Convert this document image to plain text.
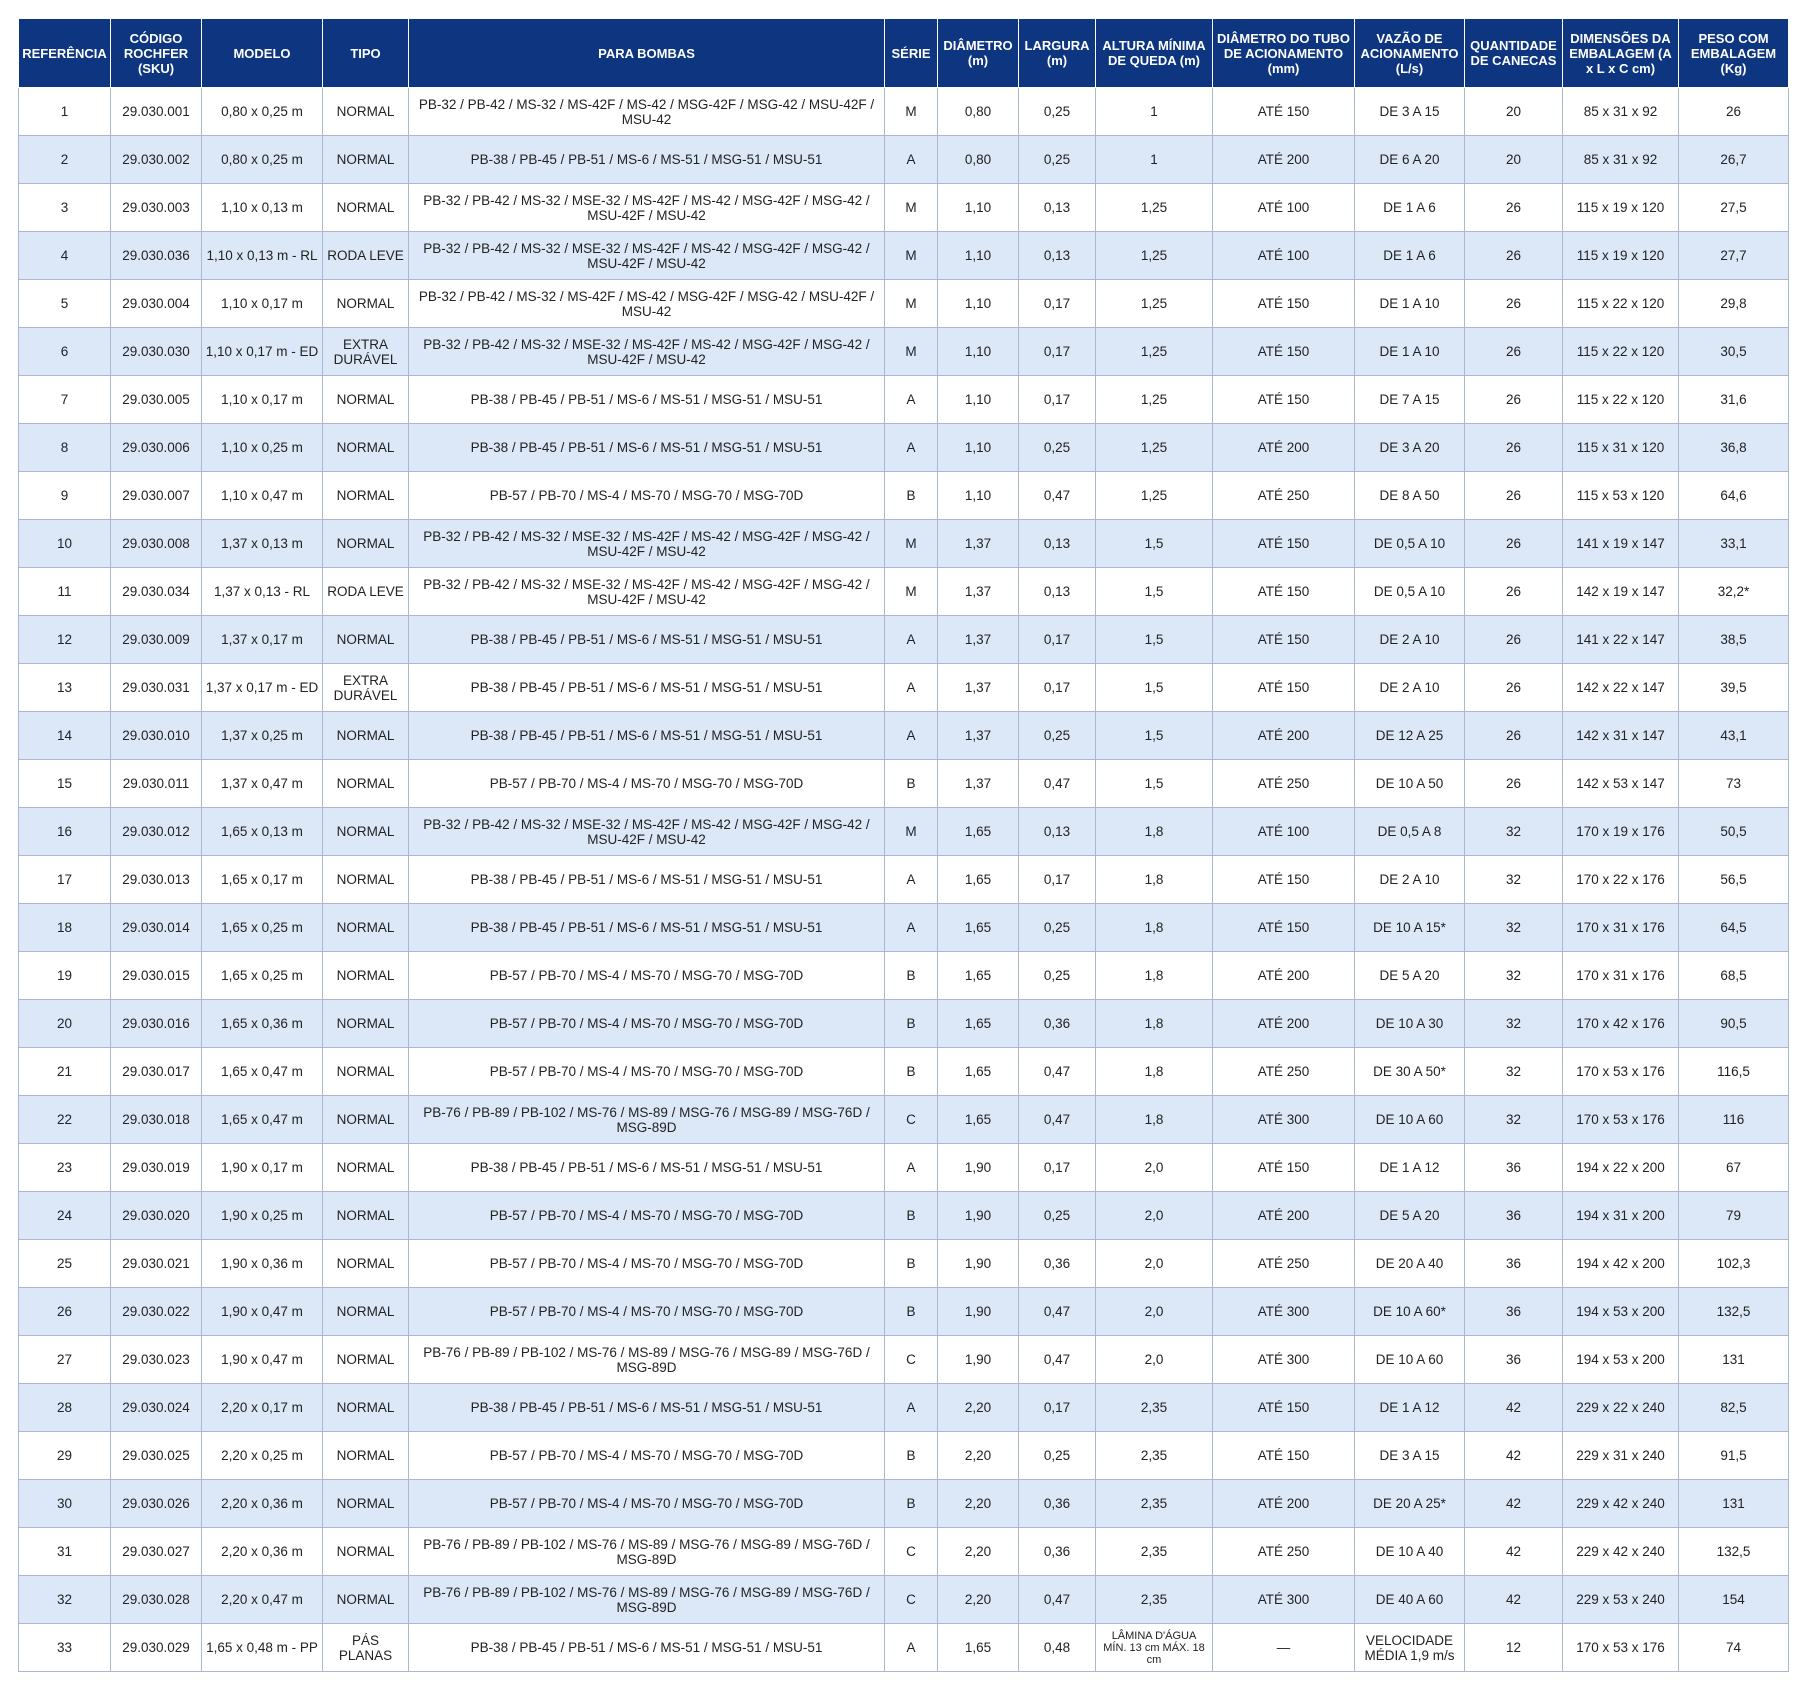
REFERÊNCIA	CÓDIGO ROCHFER (SKU)	MODELO	TIPO	PARA BOMBAS	SÉRIE	DIÂMETRO (m)	LARGURA (m)	ALTURA MÍNIMA DE QUEDA (m)	DIÂMETRO DO TUBO DE ACIONAMENTO (mm)	VAZÃO DE ACIONAMENTO (L/s)	QUANTIDADE DE CANECAS	DIMENSÕES DA EMBALAGEM (A x L x C cm)	PESO COM EMBALAGEM (Kg)
1	29.030.001	0,80 x 0,25 m	NORMAL	PB-32 / PB-42 / MS-32 / MS-42F / MS-42 / MSG-42F / MSG-42 / MSU-42F / MSU-42	M	0,80	0,25	1	ATÉ 150	DE 3 A 15	20	85 x 31 x 92	26
2	29.030.002	0,80 x 0,25 m	NORMAL	PB-38 / PB-45 / PB-51 / MS-6 / MS-51 / MSG-51 / MSU-51	A	0,80	0,25	1	ATÉ 200	DE 6 A 20	20	85 x 31 x 92	26,7
3	29.030.003	1,10 x 0,13 m	NORMAL	PB-32 / PB-42 / MS-32 / MSE-32 / MS-42F / MS-42 / MSG-42F / MSG-42 / MSU-42F / MSU-42	M	1,10	0,13	1,25	ATÉ 100	DE 1 A 6	26	115 x 19 x 120	27,5
4	29.030.036	1,10 x 0,13 m - RL	RODA LEVE	PB-32 / PB-42 / MS-32 / MSE-32 / MS-42F / MS-42 / MSG-42F / MSG-42 / MSU-42F / MSU-42	M	1,10	0,13	1,25	ATÉ 100	DE 1 A 6	26	115 x 19 x 120	27,7
5	29.030.004	1,10 x 0,17 m	NORMAL	PB-32 / PB-42 / MS-32 / MS-42F / MS-42 / MSG-42F / MSG-42 / MSU-42F / MSU-42	M	1,10	0,17	1,25	ATÉ 150	DE 1 A 10	26	115 x 22 x 120	29,8
6	29.030.030	1,10 x 0,17 m - ED	EXTRA DURÁVEL	PB-32 / PB-42 / MS-32 / MSE-32 / MS-42F / MS-42 / MSG-42F / MSG-42 / MSU-42F / MSU-42	M	1,10	0,17	1,25	ATÉ 150	DE 1 A 10	26	115 x 22 x 120	30,5
7	29.030.005	1,10 x 0,17 m	NORMAL	PB-38 / PB-45 / PB-51 / MS-6 / MS-51 / MSG-51 / MSU-51	A	1,10	0,17	1,25	ATÉ 150	DE 7 A 15	26	115 x 22 x 120	31,6
8	29.030.006	1,10 x 0,25 m	NORMAL	PB-38 / PB-45 / PB-51 / MS-6 / MS-51 / MSG-51 / MSU-51	A	1,10	0,25	1,25	ATÉ 200	DE 3 A 20	26	115 x 31 x 120	36,8
9	29.030.007	1,10 x 0,47 m	NORMAL	PB-57 / PB-70 / MS-4 / MS-70 / MSG-70 / MSG-70D	B	1,10	0,47	1,25	ATÉ 250	DE 8 A 50	26	115 x 53 x 120	64,6
10	29.030.008	1,37 x 0,13 m	NORMAL	PB-32 / PB-42 / MS-32 / MSE-32 / MS-42F / MS-42 / MSG-42F / MSG-42 / MSU-42F / MSU-42	M	1,37	0,13	1,5	ATÉ 150	DE 0,5 A 10	26	141 x 19 x 147	33,1
11	29.030.034	1,37 x 0,13 - RL	RODA LEVE	PB-32 / PB-42 / MS-32 / MSE-32 / MS-42F / MS-42 / MSG-42F / MSG-42 / MSU-42F / MSU-42	M	1,37	0,13	1,5	ATÉ 150	DE 0,5 A 10	26	142 x 19 x 147	32,2*
12	29.030.009	1,37 x 0,17 m	NORMAL	PB-38 / PB-45 / PB-51 / MS-6 / MS-51 / MSG-51 / MSU-51	A	1,37	0,17	1,5	ATÉ 150	DE 2 A 10	26	141 x 22 x 147	38,5
13	29.030.031	1,37 x 0,17 m - ED	EXTRA DURÁVEL	PB-38 / PB-45 / PB-51 / MS-6 / MS-51 / MSG-51 / MSU-51	A	1,37	0,17	1,5	ATÉ 150	DE 2 A 10	26	142 x 22 x 147	39,5
14	29.030.010	1,37 x 0,25 m	NORMAL	PB-38 / PB-45 / PB-51 / MS-6 / MS-51 / MSG-51 / MSU-51	A	1,37	0,25	1,5	ATÉ 200	DE 12 A 25	26	142 x 31 x 147	43,1
15	29.030.011	1,37 x 0,47 m	NORMAL	PB-57 / PB-70 / MS-4 / MS-70 / MSG-70 / MSG-70D	B	1,37	0,47	1,5	ATÉ 250	DE 10 A 50	26	142 x 53 x 147	73
16	29.030.012	1,65 x 0,13 m	NORMAL	PB-32 / PB-42 / MS-32 / MSE-32 / MS-42F / MS-42 / MSG-42F / MSG-42 / MSU-42F / MSU-42	M	1,65	0,13	1,8	ATÉ 100	DE 0,5 A 8	32	170 x 19 x 176	50,5
17	29.030.013	1,65 x 0,17 m	NORMAL	PB-38 / PB-45 / PB-51 / MS-6 / MS-51 / MSG-51 / MSU-51	A	1,65	0,17	1,8	ATÉ 150	DE 2 A 10	32	170 x 22 x 176	56,5
18	29.030.014	1,65 x 0,25 m	NORMAL	PB-38 / PB-45 / PB-51 / MS-6 / MS-51 / MSG-51 / MSU-51	A	1,65	0,25	1,8	ATÉ 150	DE 10 A 15*	32	170 x 31 x 176	64,5
19	29.030.015	1,65 x 0,25 m	NORMAL	PB-57 / PB-70 / MS-4 / MS-70 / MSG-70 / MSG-70D	B	1,65	0,25	1,8	ATÉ 200	DE 5 A 20	32	170 x 31 x 176	68,5
20	29.030.016	1,65 x 0,36 m	NORMAL	PB-57 / PB-70 / MS-4 / MS-70 / MSG-70 / MSG-70D	B	1,65	0,36	1,8	ATÉ 200	DE 10 A 30	32	170 x 42 x 176	90,5
21	29.030.017	1,65 x 0,47 m	NORMAL	PB-57 / PB-70 / MS-4 / MS-70 / MSG-70 / MSG-70D	B	1,65	0,47	1,8	ATÉ 250	DE 30 A 50*	32	170 x 53 x 176	116,5
22	29.030.018	1,65 x 0,47 m	NORMAL	PB-76 / PB-89 / PB-102 / MS-76 / MS-89 / MSG-76 / MSG-89 / MSG-76D / MSG-89D	C	1,65	0,47	1,8	ATÉ 300	DE 10 A 60	32	170 x 53 x 176	116
23	29.030.019	1,90 x 0,17 m	NORMAL	PB-38 / PB-45 / PB-51 / MS-6 / MS-51 / MSG-51 / MSU-51	A	1,90	0,17	2,0	ATÉ 150	DE 1 A 12	36	194 x 22 x 200	67
24	29.030.020	1,90 x 0,25 m	NORMAL	PB-57 / PB-70 / MS-4 / MS-70 / MSG-70 / MSG-70D	B	1,90	0,25	2,0	ATÉ 200	DE 5 A 20	36	194 x 31 x 200	79
25	29.030.021	1,90 x 0,36 m	NORMAL	PB-57 / PB-70 / MS-4 / MS-70 / MSG-70 / MSG-70D	B	1,90	0,36	2,0	ATÉ 250	DE 20 A 40	36	194 x 42 x 200	102,3
26	29.030.022	1,90 x 0,47 m	NORMAL	PB-57 / PB-70 / MS-4 / MS-70 / MSG-70 / MSG-70D	B	1,90	0,47	2,0	ATÉ 300	DE 10 A 60*	36	194 x 53 x 200	132,5
27	29.030.023	1,90 x 0,47 m	NORMAL	PB-76 / PB-89 / PB-102 / MS-76 / MS-89 / MSG-76 / MSG-89 / MSG-76D / MSG-89D	C	1,90	0,47	2,0	ATÉ 300	DE 10 A 60	36	194 x 53 x 200	131
28	29.030.024	2,20 x 0,17 m	NORMAL	PB-38 / PB-45 / PB-51 / MS-6 / MS-51 / MSG-51 / MSU-51	A	2,20	0,17	2,35	ATÉ 150	DE 1 A 12	42	229 x 22 x 240	82,5
29	29.030.025	2,20 x 0,25 m	NORMAL	PB-57 / PB-70 / MS-4 / MS-70 / MSG-70 / MSG-70D	B	2,20	0,25	2,35	ATÉ 150	DE 3 A 15	42	229 x 31 x 240	91,5
30	29.030.026	2,20 x 0,36 m	NORMAL	PB-57 / PB-70 / MS-4 / MS-70 / MSG-70 / MSG-70D	B	2,20	0,36	2,35	ATÉ 200	DE 20 A 25*	42	229 x 42 x 240	131
31	29.030.027	2,20 x 0,36 m	NORMAL	PB-76 / PB-89 / PB-102 / MS-76 / MS-89 / MSG-76 / MSG-89 / MSG-76D / MSG-89D	C	2,20	0,36	2,35	ATÉ 250	DE 10 A 40	42	229 x 42 x 240	132,5
32	29.030.028	2,20 x 0,47 m	NORMAL	PB-76 / PB-89 / PB-102 / MS-76 / MS-89 / MSG-76 / MSG-89 / MSG-76D / MSG-89D	C	2,20	0,47	2,35	ATÉ 300	DE 40 A 60	42	229 x 53 x 240	154
33	29.030.029	1,65 x 0,48 m - PP	PÁS PLANAS	PB-38 / PB-45 / PB-51 / MS-6 / MS-51 / MSG-51 / MSU-51	A	1,65	0,48	LÂMINA D'ÁGUA MÍN. 13 cm MÁX. 18 cm	—	VELOCIDADE MÉDIA 1,9 m/s	12	170 x 53 x 176	74
